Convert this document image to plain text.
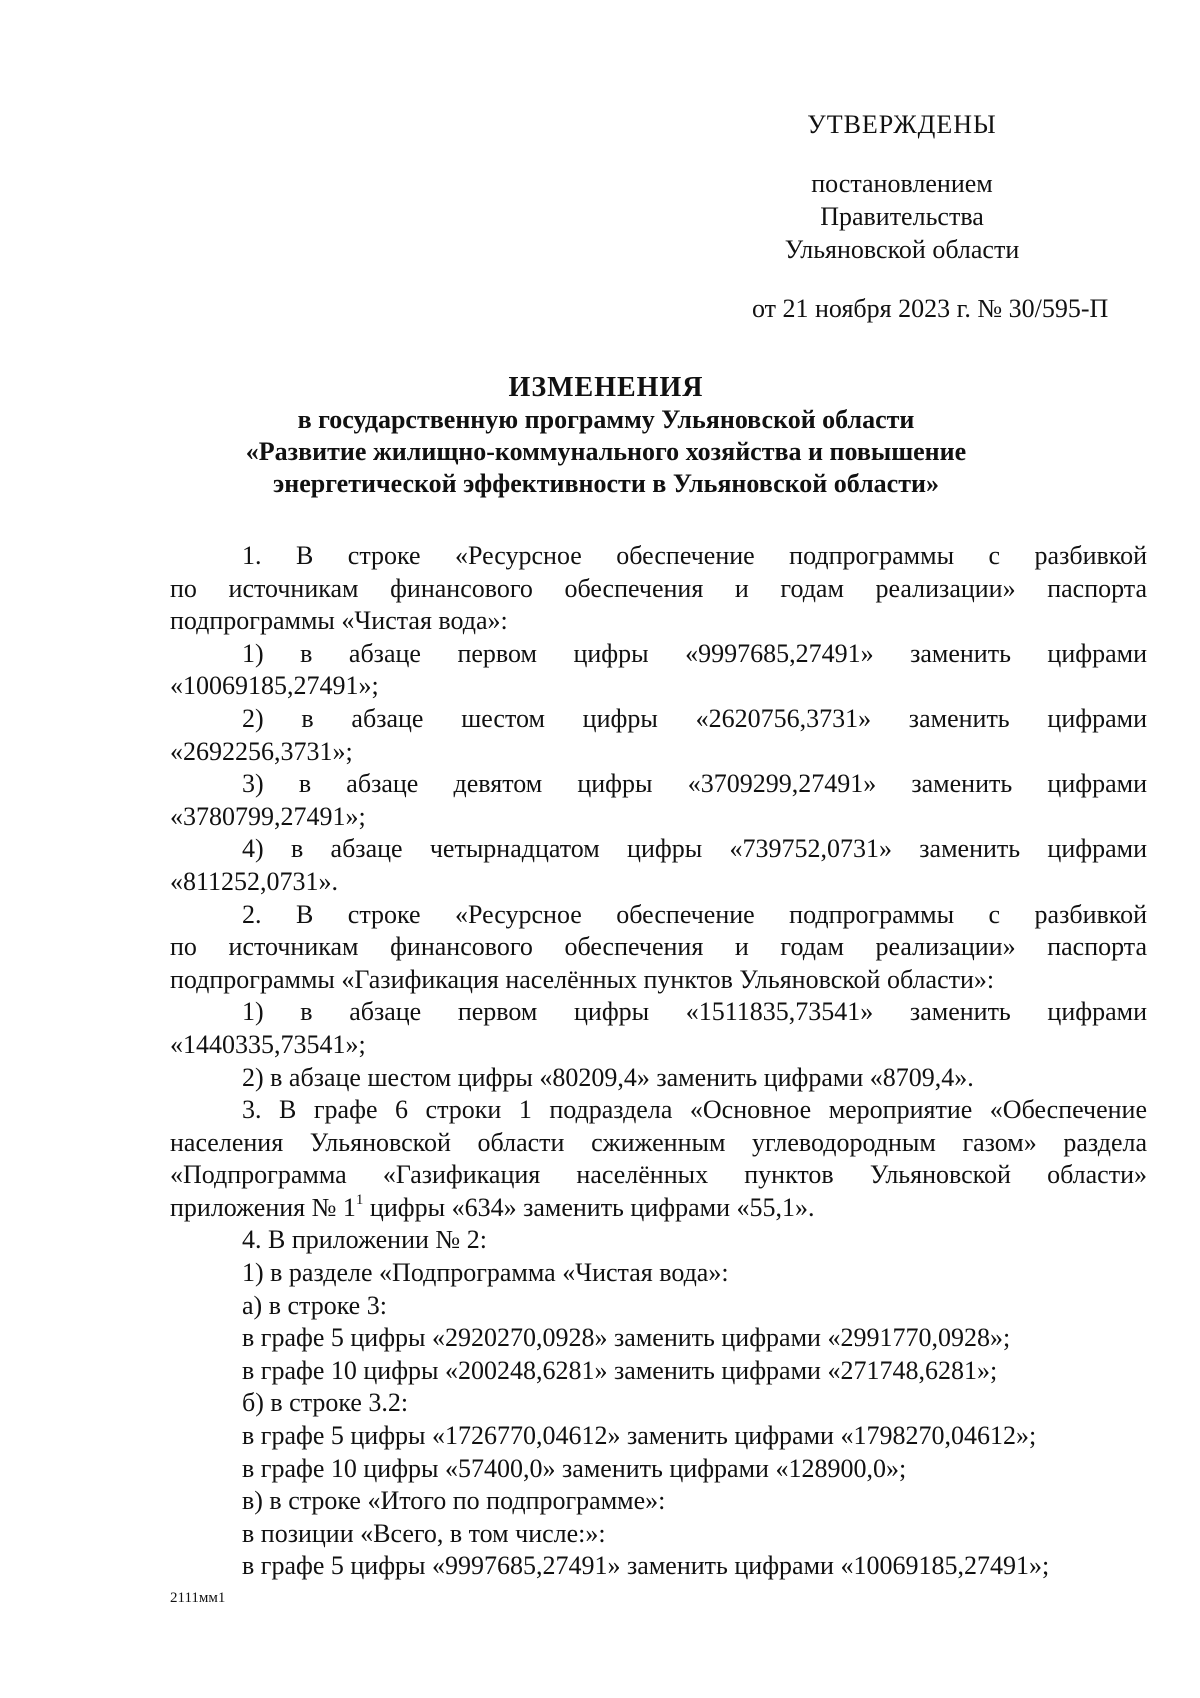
УТВЕРЖДЕНЫ
постановлением Правительства
Ульяновской области
от 21 ноября 2023 г. № 30/595-П
ИЗМЕНЕНИЯ
в государственную программу Ульяновской области
«Развитие жилищно-коммунального хозяйства и повышение
энергетической эффективности в Ульяновской области»

1. В строке «Ресурсное обеспечение подпрограммы с разбивкой

по источникам финансового обеспечения и годам реализации» паспорта

подпрограммы «Чистая вода»:

1) в абзаце первом цифры «9997685,27491» заменить цифрами

«10069185,27491»;

2) в абзаце шестом цифры «2620756,3731» заменить цифрами

«2692256,3731»;

3) в абзаце девятом цифры «3709299,27491» заменить цифрами

«3780799,27491»;

4) в абзаце четырнадцатом цифры «739752,0731» заменить цифрами

«811252,0731».

2. В строке «Ресурсное обеспечение подпрограммы с разбивкой

по источникам финансового обеспечения и годам реализации» паспорта

подпрограммы «Газификация населённых пунктов Ульяновской области»:

1) в абзаце первом цифры «1511835,73541» заменить цифрами

«1440335,73541»;

2) в абзаце шестом цифры «80209,4» заменить цифрами «8709,4».

3. В графе 6 строки 1 подраздела «Основное мероприятие «Обеспечение

населения Ульяновской области сжиженным углеводородным газом» раздела

«Подпрограмма «Газификация населённых пунктов Ульяновской области»

приложения № $1^1$ цифры «634» заменить цифрами «55,1».

4. В приложении № 2:

1) в разделе «Подпрограмма «Чистая вода»:

а) в строке 3:

в графе 5 цифры «2920270,0928» заменить цифрами «2991770,0928»;

в графе 10 цифры «200248,6281» заменить цифрами «271748,6281»;

б) в строке 3.2:

в графе 5 цифры «1726770,04612» заменить цифрами «1798270,04612»;

в графе 10 цифры «57400,0» заменить цифрами «128900,0»;

в) в строке «Итого по подпрограмме»:

в позиции «Всего, в том числе:»:

в графе 5 цифры «9997685,27491» заменить цифрами «10069185,27491»;

2111мм1
